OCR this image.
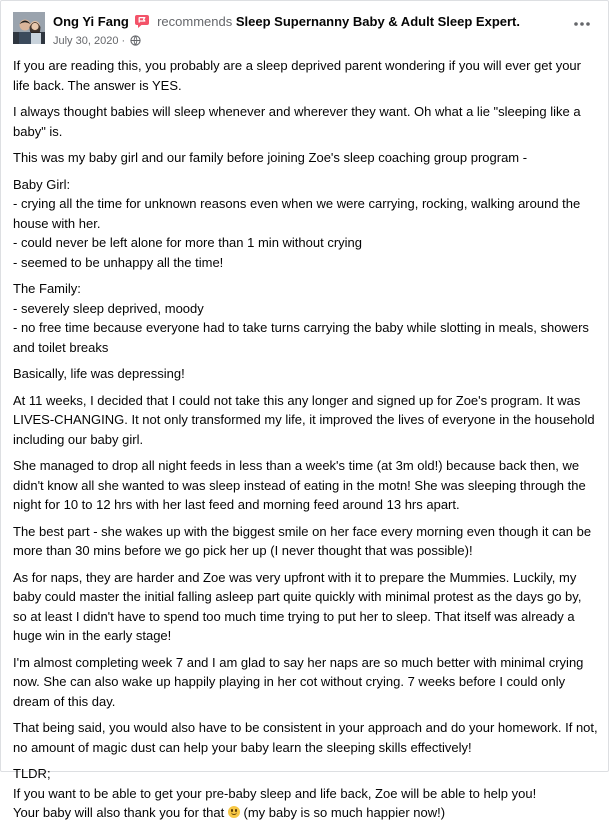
Ong Yi Fang recommends Sleep Supernanny Baby & Adult Sleep Expert.
July 30, 2020 ·

If you are reading this, you probably are a sleep deprived parent wondering if you will ever get your life back. The answer is YES.

I always thought babies will sleep whenever and wherever they want. Oh what a lie "sleeping like a baby" is.

This was my baby girl and our family before joining Zoe's sleep coaching group program -

Baby Girl:
- crying all the time for unknown reasons even when we were carrying, rocking, walking around the house with her.
- could never be left alone for more than 1 min without crying
- seemed to be unhappy all the time!

The Family:
- severely sleep deprived, moody
- no free time because everyone had to take turns carrying the baby while slotting in meals, showers and toilet breaks

Basically, life was depressing!

At 11 weeks, I decided that I could not take this any longer and signed up for Zoe's program. It was LIVES-CHANGING. It not only transformed my life, it improved the lives of everyone in the household including our baby girl.

She managed to drop all night feeds in less than a week's time (at 3m old!) because back then, we didn't know all she wanted to was sleep instead of eating in the motn! She was sleeping through the night for 10 to 12 hrs with her last feed and morning feed around 13 hrs apart.

The best part - she wakes up with the biggest smile on her face every morning even though it can be more than 30 mins before we go pick her up (I never thought that was possible)!

As for naps, they are harder and Zoe was very upfront with it to prepare the Mummies. Luckily, my baby could master the initial falling asleep part quite quickly with minimal protest as the days go by, so at least I didn't have to spend too much time trying to put her to sleep. That itself was already a huge win in the early stage!

I'm almost completing week 7 and I am glad to say her naps are so much better with minimal crying now. She can also wake up happily playing in her cot without crying. 7 weeks before I could only dream of this day.

That being said, you would also have to be consistent in your approach and do your homework. If not, no amount of magic dust can help your baby learn the sleeping skills effectively!

TLDR;
If you want to be able to get your pre-baby sleep and life back, Zoe will be able to help you!
Your baby will also thank you for that
(my baby is so much happier now!)
